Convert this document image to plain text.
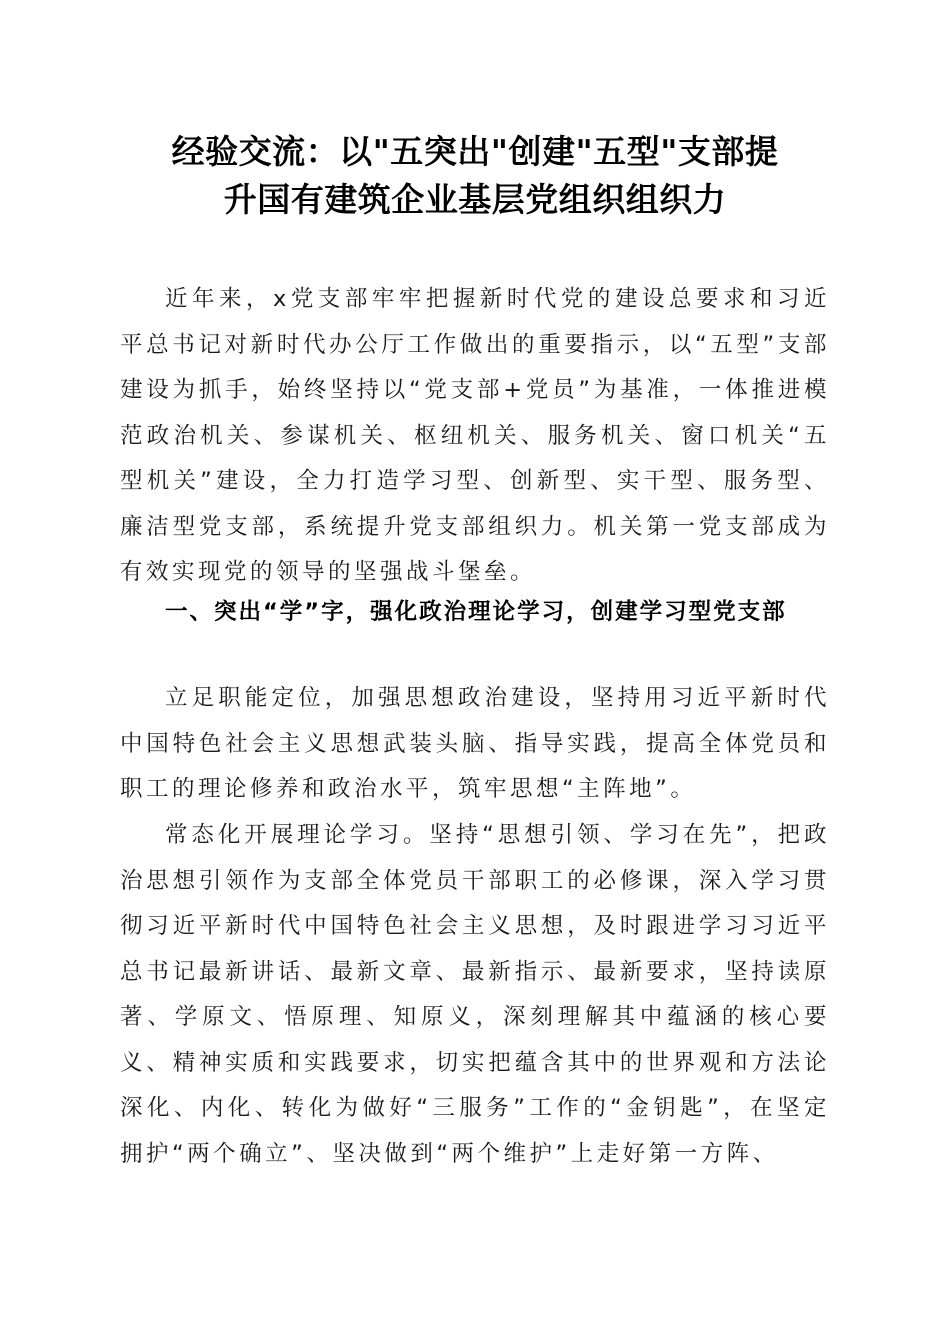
经验交流：以"五突出"创建"五型"支部提
升国有建筑企业基层党组织组织力

近年来，x党支部牢牢把握新时代党的建设总要求和习近平总书记对新时代办公厅工作做出的重要指示，以“五型”支部建设为抓手，始终坚持以“党支部+党员”为基准，一体推进模范政治机关、参谋机关、枢纽机关、服务机关、窗口机关“五型机关”建设，全力打造学习型、创新型、实干型、服务型、廉洁型党支部，系统提升党支部组织力。机关第一党支部成为有效实现党的领导的坚强战斗堡垒。

一、突出“学”字，强化政治理论学习，创建学习型党支部

立足职能定位，加强思想政治建设，坚持用习近平新时代中国特色社会主义思想武装头脑、指导实践，提高全体党员和职工的理论修养和政治水平，筑牢思想“主阵地”。

常态化开展理论学习。坚持“思想引领、学习在先”，把政治思想引领作为支部全体党员干部职工的必修课，深入学习贯彻习近平新时代中国特色社会主义思想，及时跟进学习习近平总书记最新讲话、最新文章、最新指示、最新要求，坚持读原著、学原文、悟原理、知原义，深刻理解其中蕴涵的核心要义、精神实质和实践要求，切实把蕴含其中的世界观和方法论深化、内化、转化为做好“三服务”工作的“金钥匙”，在坚定拥护“两个确立”、坚决做到“两个维护”上走好第一方阵、
